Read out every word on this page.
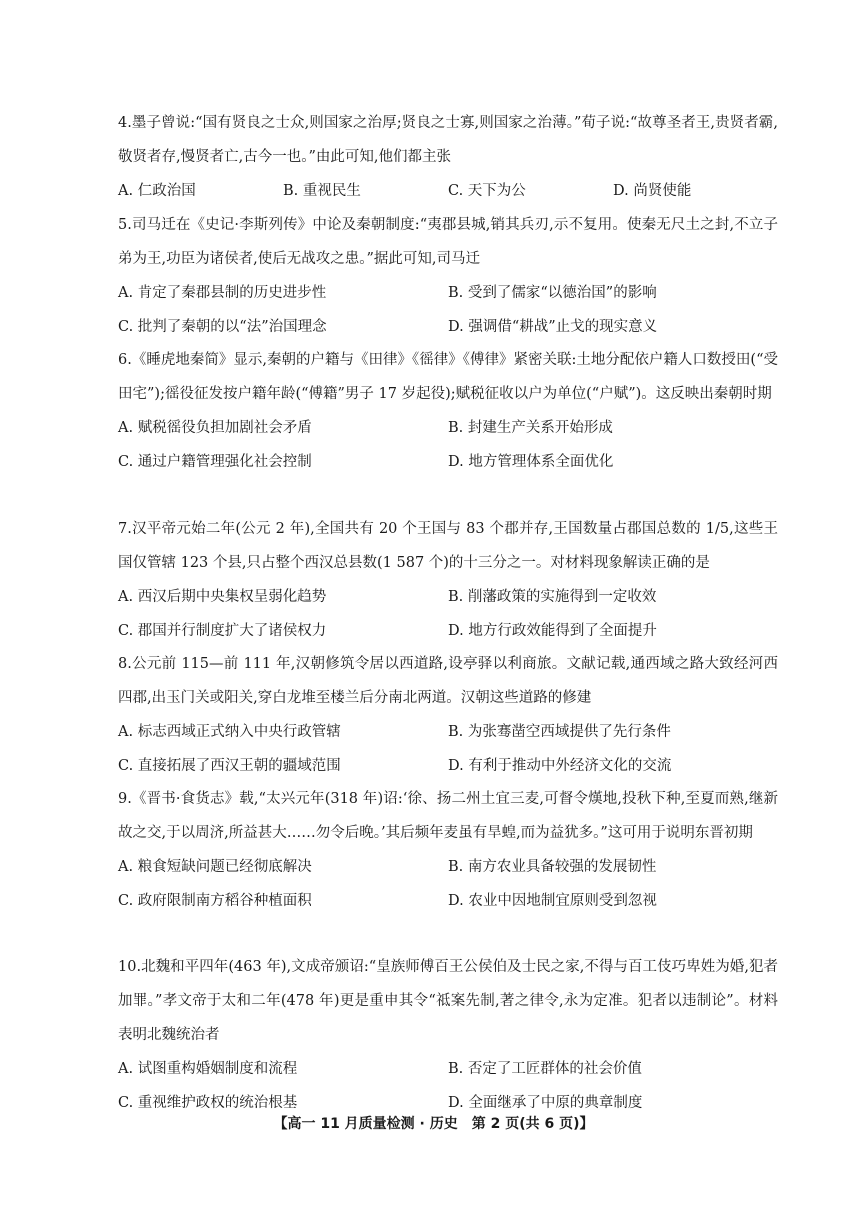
4.墨子曾说:“国有贤良之士众,则国家之治厚;贤良之士寡,则国家之治薄。”荀子说:“故尊圣者王,贵贤者霸,敬贤者存,慢贤者亡,古今一也。”由此可知,他们都主张

A. 仁政治国	B. 重视民生	C. 天下为公	D. 尚贤使能

5.司马迁在《史记·李斯列传》中论及秦朝制度:“夷郡县城,销其兵刃,示不复用。使秦无尺土之封,不立子弟为王,功臣为诸侯者,使后无战攻之患。”据此可知,司马迁

A. 肯定了秦郡县制的历史进步性	B. 受到了儒家“以德治国”的影响
C. 批判了秦朝的以“法”治国理念	D. 强调借“耕战”止戈的现实意义

6.《睡虎地秦简》显示,秦朝的户籍与《田律》《徭律》《傅律》紧密关联:土地分配依户籍人口数授田(“受田宅”);徭役征发按户籍年龄(“傅籍”男子 17 岁起役);赋税征收以户为单位(“户赋”)。这反映出秦朝时期

A. 赋税徭役负担加剧社会矛盾	B. 封建生产关系开始形成
C. 通过户籍管理强化社会控制	D. 地方管理体系全面优化

7.汉平帝元始二年(公元 2 年),全国共有 20 个王国与 83 个郡并存,王国数量占郡国总数的 1/5,这些王国仅管辖 123 个县,只占整个西汉总县数(1 587 个)的十三分之一。对材料现象解读正确的是

A. 西汉后期中央集权呈弱化趋势	B. 削藩政策的实施得到一定收效
C. 郡国并行制度扩大了诸侯权力	D. 地方行政效能得到了全面提升

8.公元前 115—前 111 年,汉朝修筑令居以西道路,设亭驿以利商旅。文献记载,通西域之路大致经河西四郡,出玉门关或阳关,穿白龙堆至楼兰后分南北两道。汉朝这些道路的修建

A. 标志西域正式纳入中央行政管辖	B. 为张骞凿空西域提供了先行条件
C. 直接拓展了西汉王朝的疆域范围	D. 有利于推动中外经济文化的交流

9.《晋书·食货志》载,“太兴元年(318 年)诏:‘徐、扬二州土宜三麦,可督令熯地,投秋下种,至夏而熟,继新故之交,于以周济,所益甚大……勿令后晚。’其后频年麦虽有旱蝗,而为益犹多。”这可用于说明东晋初期

A. 粮食短缺问题已经彻底解决	B. 南方农业具备较强的发展韧性
C. 政府限制南方稻谷种植面积	D. 农业中因地制宜原则受到忽视

10.北魏和平四年(463 年),文成帝颁诏:“皇族师傅百王公侯伯及士民之家,不得与百工伎巧卑姓为婚,犯者加罪。”孝文帝于太和二年(478 年)更是重申其令“祗案先制,著之律令,永为定准。犯者以违制论”。材料表明北魏统治者

A. 试图重构婚姻制度和流程	B. 否定了工匠群体的社会价值
C. 重视维护政权的统治根基	D. 全面继承了中原的典章制度
【高一 11 月质量检测 · 历史　第 2 页(共 6 页)】
